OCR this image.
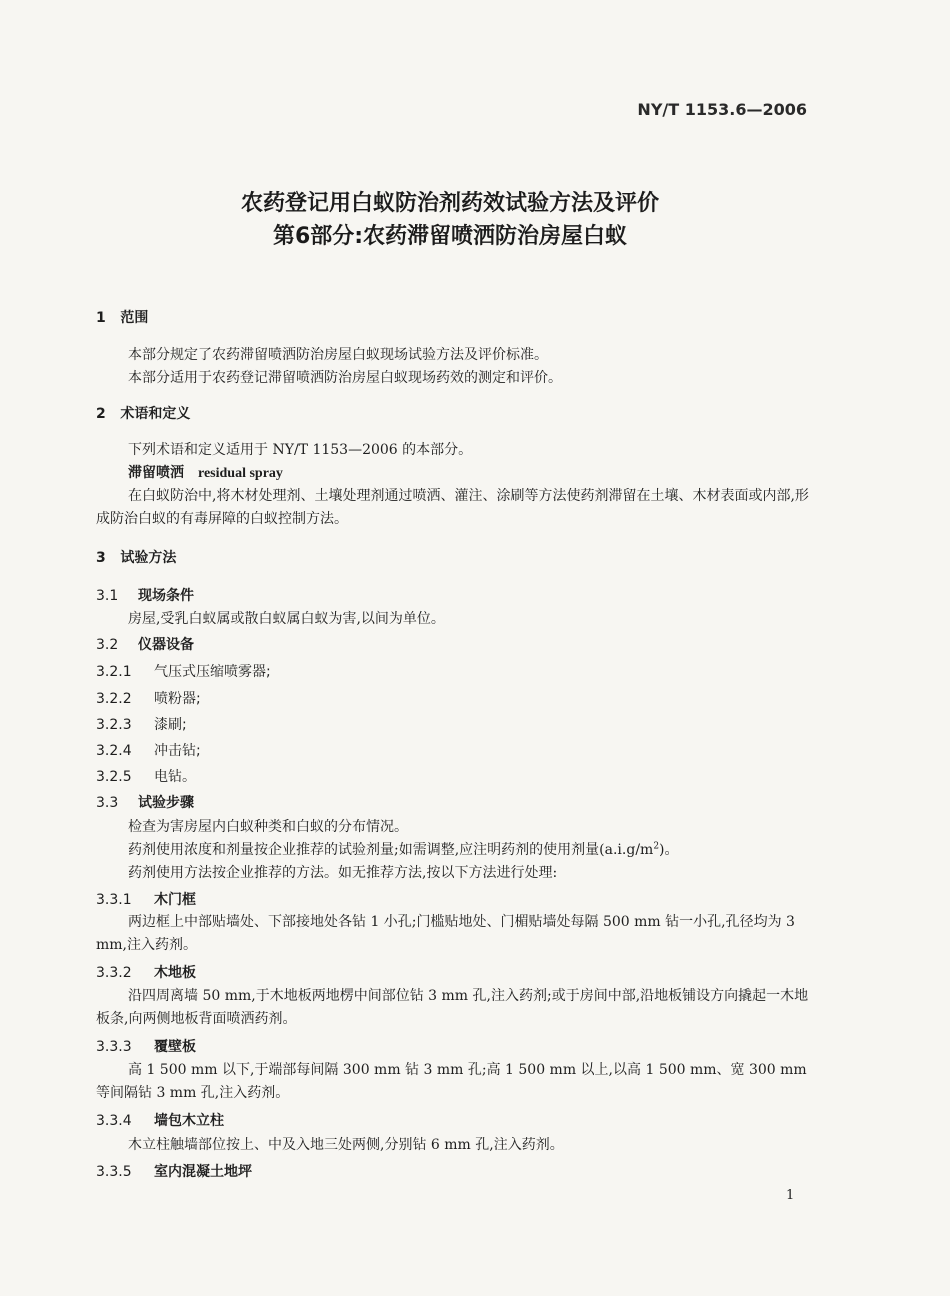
NY/T 1153.6—2006
农药登记用白蚁防治剂药效试验方法及评价
第6部分:农药滞留喷洒防治房屋白蚁
1 范围
本部分规定了农药滞留喷洒防治房屋白蚁现场试验方法及评价标准。
本部分适用于农药登记滞留喷洒防治房屋白蚁现场药效的测定和评价。
2 术语和定义
下列术语和定义适用于 NY/T 1153—2006 的本部分。
滞留喷洒 residual spray
在白蚁防治中,将木材处理剂、土壤处理剂通过喷洒、灌注、涂刷等方法使药剂滞留在土壤、木材表面或内部,形成防治白蚁的有毒屏障的白蚁控制方法。
3 试验方法
3.1 现场条件
房屋,受乳白蚁属或散白蚁属白蚁为害,以间为单位。
3.2 仪器设备
3.2.1 气压式压缩喷雾器;
3.2.2 喷粉器;
3.2.3 漆刷;
3.2.4 冲击钻;
3.2.5 电钻。
3.3 试验步骤
检查为害房屋内白蚁种类和白蚁的分布情况。
药剂使用浓度和剂量按企业推荐的试验剂量;如需调整,应注明药剂的使用剂量$(a.i.g/m^2)$。
药剂使用方法按企业推荐的方法。如无推荐方法,按以下方法进行处理:
3.3.1 木门框
两边框上中部贴墙处、下部接地处各钻 1 小孔;门槛贴地处、门楣贴墙处每隔 500 mm 钻一小孔,孔径均为 3 mm,注入药剂。
3.3.2 木地板
沿四周离墙 50 mm,于木地板两地楞中间部位钻 3 mm 孔,注入药剂;或于房间中部,沿地板铺设方向撬起一木地板条,向两侧地板背面喷洒药剂。
3.3.3 覆壁板
高 1 500 mm 以下,于端部每间隔 300 mm 钻 3 mm 孔;高 1 500 mm 以上,以高 1 500 mm、宽 300 mm 等间隔钻 3 mm 孔,注入药剂。
3.3.4 墙包木立柱
木立柱触墙部位按上、中及入地三处两侧,分别钻 6 mm 孔,注入药剂。
3.3.5 室内混凝土地坪
1
